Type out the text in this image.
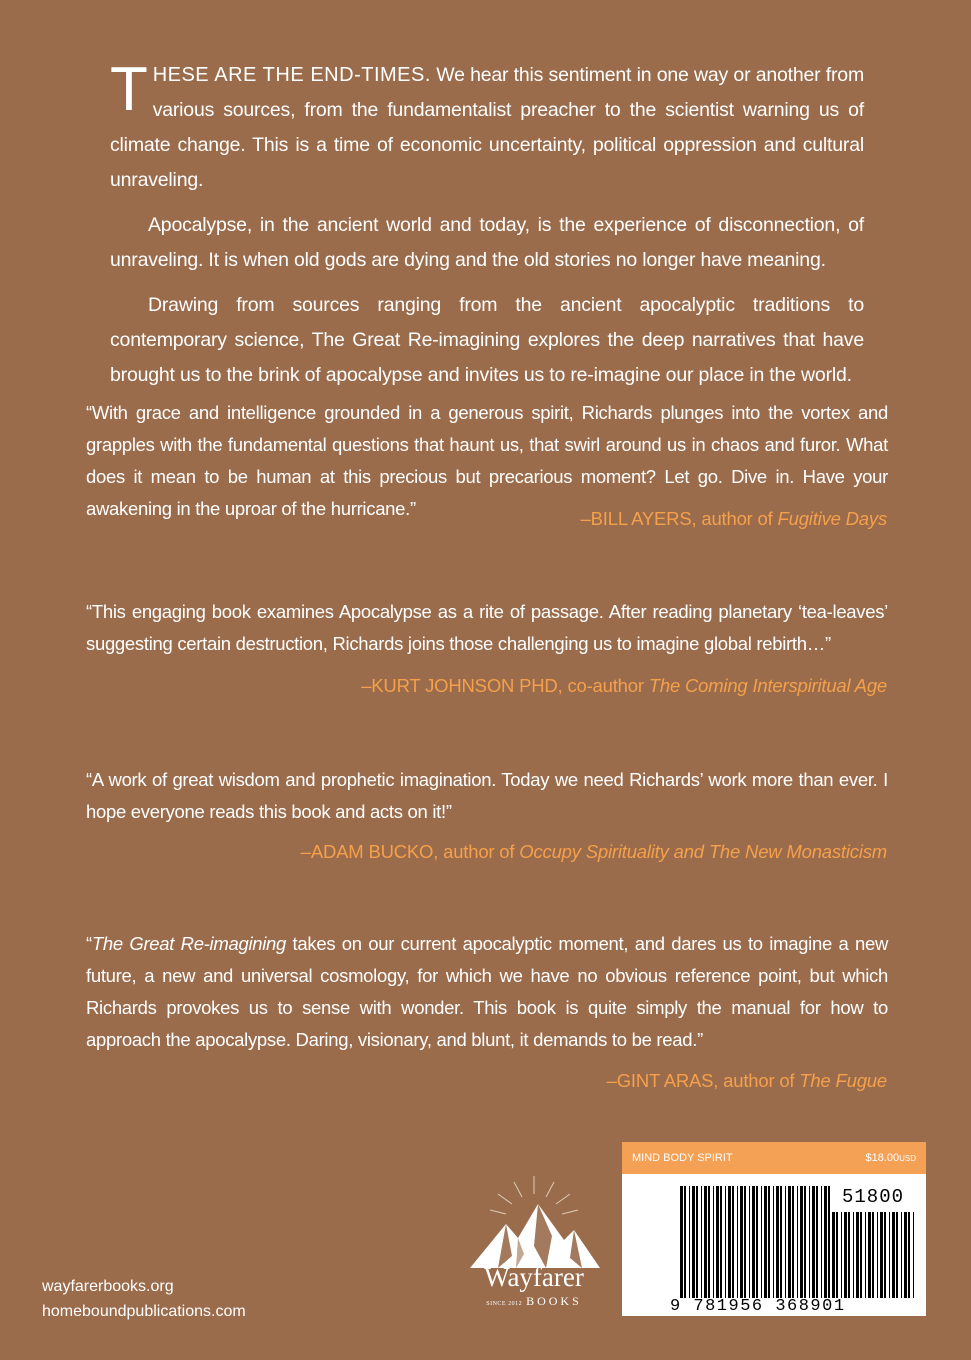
THESE ARE THE END-TIMES. We hear this sentiment in one way or another from various sources, from the fundamentalist preacher to the scientist warning us of climate change. This is a time of economic uncertainty, political oppression and cultural unraveling.

Apocalypse, in the ancient world and today, is the experience of disconnection, of unraveling. It is when old gods are dying and the old stories no longer have meaning.

Drawing from sources ranging from the ancient apocalyptic traditions to contemporary science, The Great Re-imagining explores the deep narratives that have brought us to the brink of apocalypse and invites us to re-imagine our place in the world.

“With grace and intelligence grounded in a generous spirit, Richards plunges into the vortex and grapples with the fundamental questions that haunt us, that swirl around us in chaos and furor. What does it mean to be human at this precious but precarious moment? Let go. Dive in. Have your awakening in the uproar of the hurricane.”	–BILL AYERS, author of Fugitive Days
“This engaging book examines Apocalypse as a rite of passage. After reading planetary ‘tea-leaves’ suggesting certain destruction, Richards joins those challenging us to imagine global rebirth…”
–KURT JOHNSON PHD, co-author The Coming Interspiritual Age
“A work of great wisdom and prophetic imagination. Today we need Richards’ work more than ever. I hope everyone reads this book and acts on it!”
–ADAM BUCKO, author of Occupy Spirituality and The New Monasticism
“The Great Re-imagining takes on our current apocalyptic moment, and dares us to imagine a new future, a new and universal cosmology, for which we have no obvious reference point, but which Richards provokes us to sense with wonder. This book is quite simply the manual for how to approach the apocalypse. Daring, visionary, and blunt, it demands to be read.”
–GINT ARAS, author of The Fugue
wayfarerbooks.org
homeboundpublications.com
Wayfarer
SINCE 2012 BOOKS
MIND BODY SPIRIT	$18.00USD
51800
9 781956 368901
